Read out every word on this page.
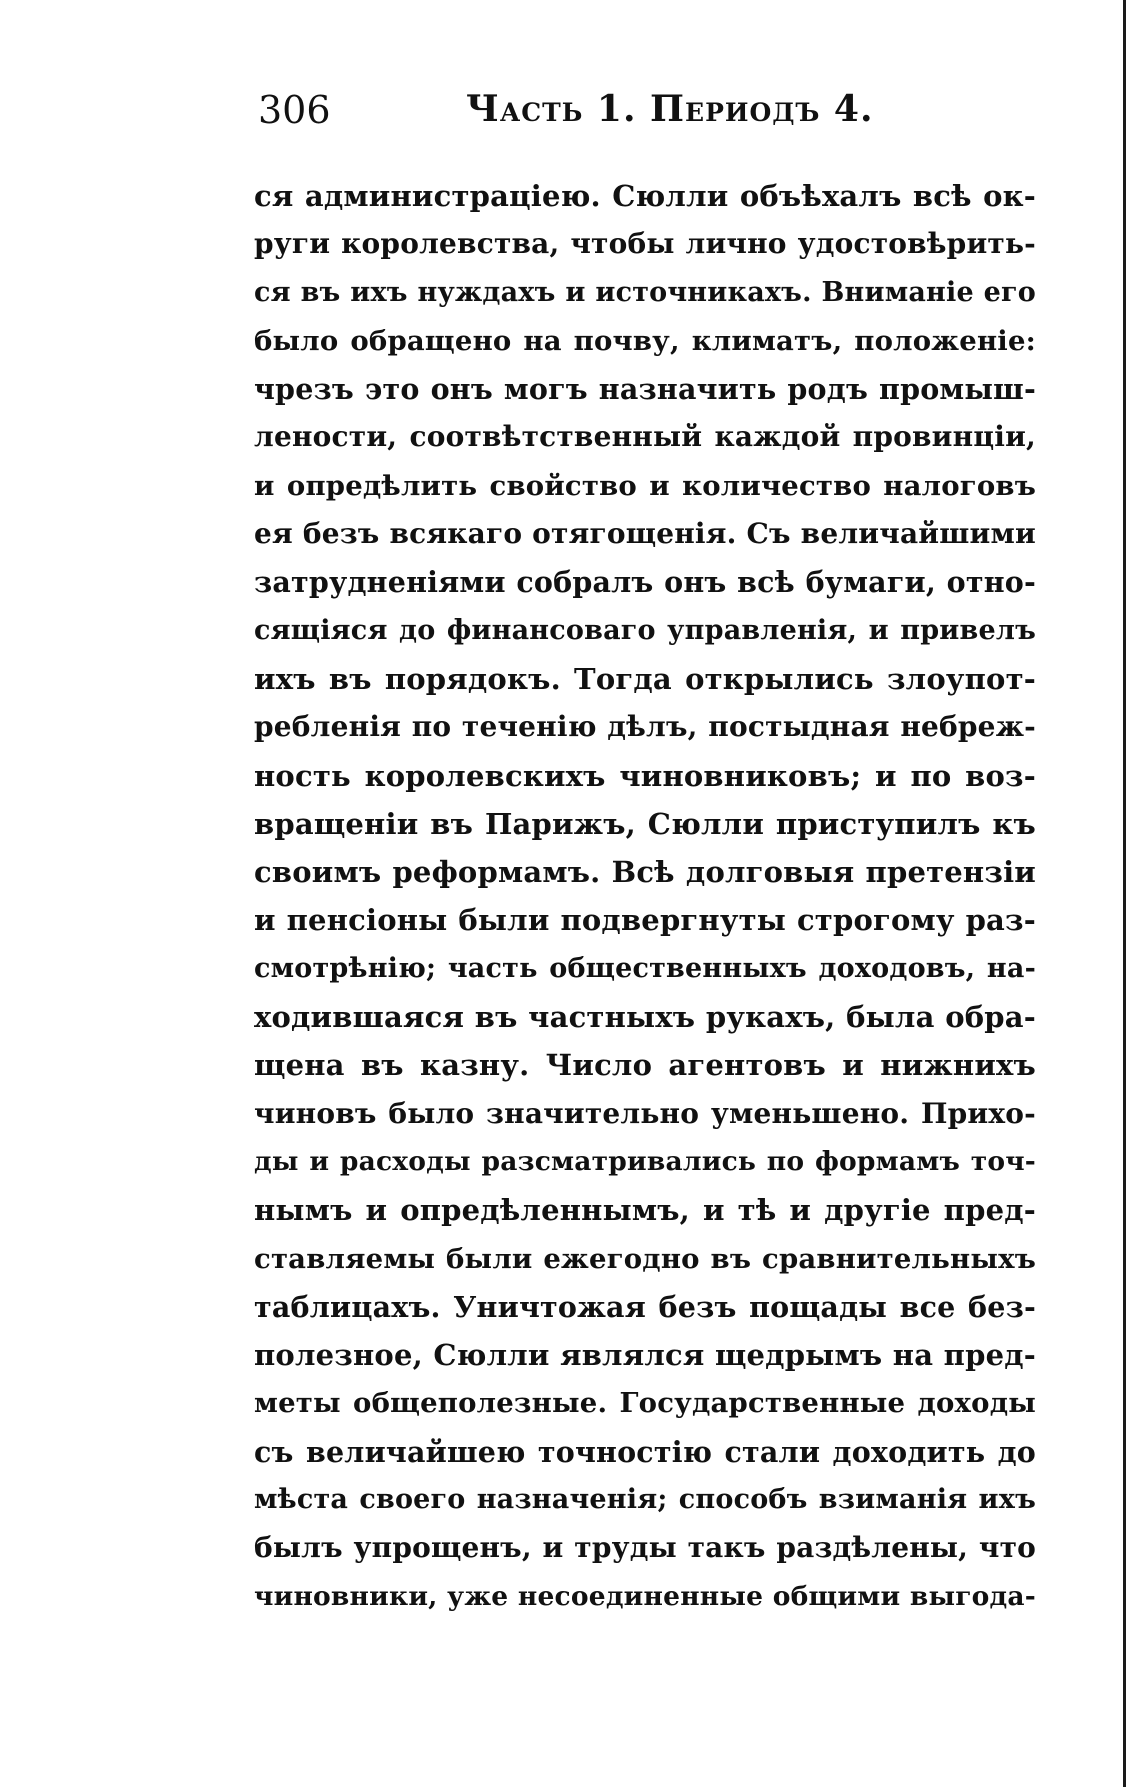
306	Часть 1. Периодъ 4.
ся администраціею. Сюлли объѣхалъ всѣ ок-
руги королевства, чтобы лично удостовѣрить-
ся въ ихъ нуждахъ и источникахъ. Вниманіе его
было обращено на почву, климатъ, положеніе:
чрезъ это онъ могъ назначить родъ промыш-
лености, соотвѣтственный каждой провинціи,
и опредѣлить свойство и количество налоговъ
ея безъ всякаго отягощенія. Съ величайшими
затрудненіями собралъ онъ всѣ бумаги, отно-
сящіяся до финансоваго управленія, и привелъ
ихъ въ порядокъ. Тогда открылись злоупот-
ребленія по теченію дѣлъ, постыдная небреж-
ность королевскихъ чиновниковъ; и по воз-
вращеніи въ Парижъ, Сюлли приступилъ къ
своимъ реформамъ. Всѣ долговыя претензіи
и пенсіоны были подвергнуты строгому раз-
смотрѣнію; часть общественныхъ доходовъ, на-
ходившаяся въ частныхъ рукахъ, была обра-
щена въ казну. Число агентовъ и нижнихъ
чиновъ было значительно уменьшено. Прихо-
ды и расходы разсматривались по формамъ точ-
нымъ и опредѣленнымъ, и тѣ и другіе пред-
ставляемы были ежегодно въ сравнительныхъ
таблицахъ. Уничтожая безъ пощады все без-
полезное, Сюлли являлся щедрымъ на пред-
меты общеполезные. Государственные доходы
съ величайшею точностію стали доходить до
мѣста своего назначенія; способъ взиманія ихъ
былъ упрощенъ, и труды такъ раздѣлены, что
чиновники, уже несоединенные общими выгода-
